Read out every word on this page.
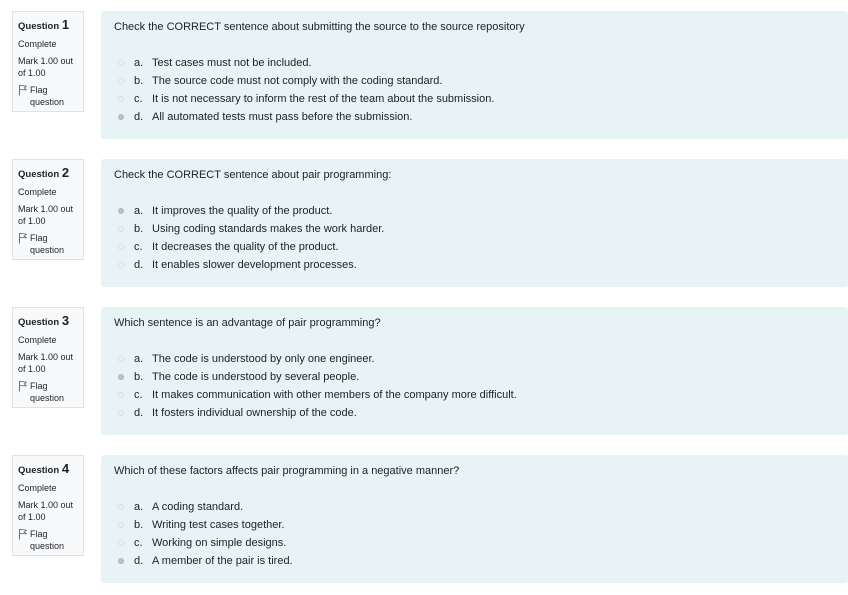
Question 1
Complete
Mark 1.00 out
of 1.00
Flag
question
Check the CORRECT sentence about submitting the source to the source repository
a. Test cases must not be included.
b. The source code must not comply with the coding standard.
c. It is not necessary to inform the rest of the team about the submission.
d. All automated tests must pass before the submission.
Question 2
Complete
Mark 1.00 out
of 1.00
Flag
question
Check the CORRECT sentence about pair programming:
a. It improves the quality of the product.
b. Using coding standards makes the work harder.
c. It decreases the quality of the product.
d. It enables slower development processes.
Question 3
Complete
Mark 1.00 out
of 1.00
Flag
question
Which sentence is an advantage of pair programming?
a. The code is understood by only one engineer.
b. The code is understood by several people.
c. It makes communication with other members of the company more difficult.
d. It fosters individual ownership of the code.
Question 4
Complete
Mark 1.00 out
of 1.00
Flag
question
Which of these factors affects pair programming in a negative manner?
a. A coding standard.
b. Writing test cases together.
c. Working on simple designs.
d. A member of the pair is tired.
